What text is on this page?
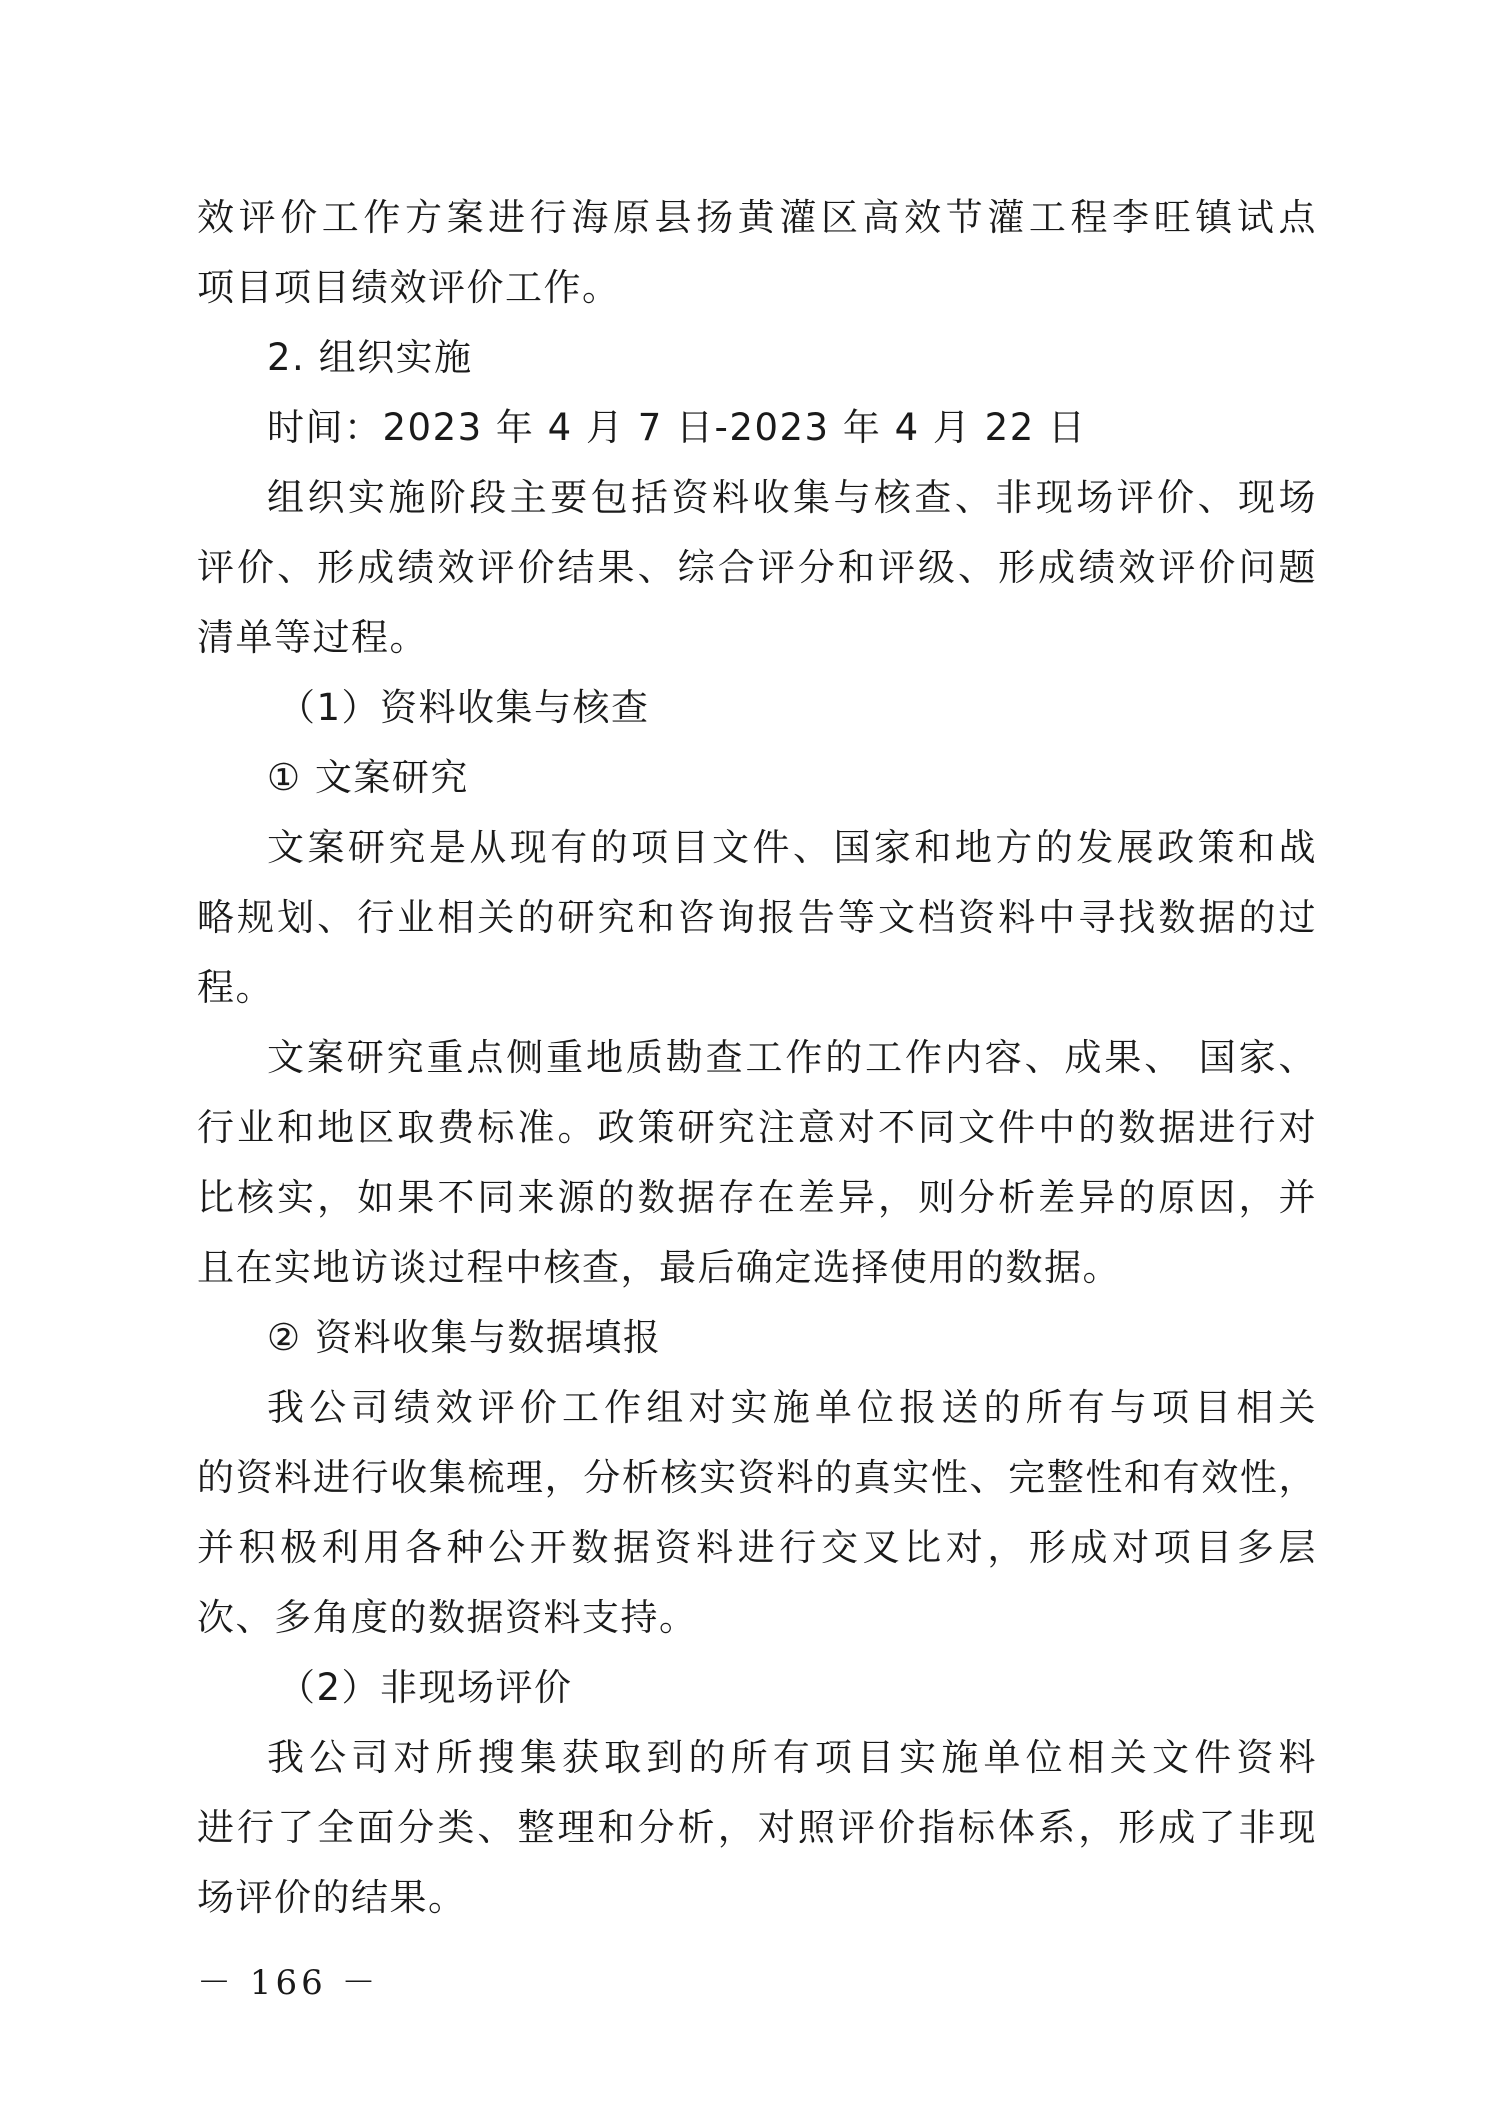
效评价工作方案进行海原县扬黄灌区高效节灌工程李旺镇试点
项目项目绩效评价工作。
2. 组织实施
时间：2023 年 4 月 7 日-2023 年 4 月 22 日
组织实施阶段主要包括资料收集与核查、非现场评价、现场
评价、形成绩效评价结果、综合评分和评级、形成绩效评价问题
清单等过程。
（1）资料收集与核查
① 文案研究
文案研究是从现有的项目文件、国家和地方的发展政策和战
略规划、行业相关的研究和咨询报告等文档资料中寻找数据的过
程。
文案研究重点侧重地质勘查工作的工作内容、成果、 国家、
行业和地区取费标准。政策研究注意对不同文件中的数据进行对
比核实，如果不同来源的数据存在差异，则分析差异的原因，并
且在实地访谈过程中核查，最后确定选择使用的数据。
② 资料收集与数据填报
我公司绩效评价工作组对实施单位报送的所有与项目相关
的资料进行收集梳理，分析核实资料的真实性、完整性和有效性，
并积极利用各种公开数据资料进行交叉比对，形成对项目多层
次、多角度的数据资料支持。
（2）非现场评价
我公司对所搜集获取到的所有项目实施单位相关文件资料
进行了全面分类、整理和分析，对照评价指标体系，形成了非现
场评价的结果。
－ 166 －
